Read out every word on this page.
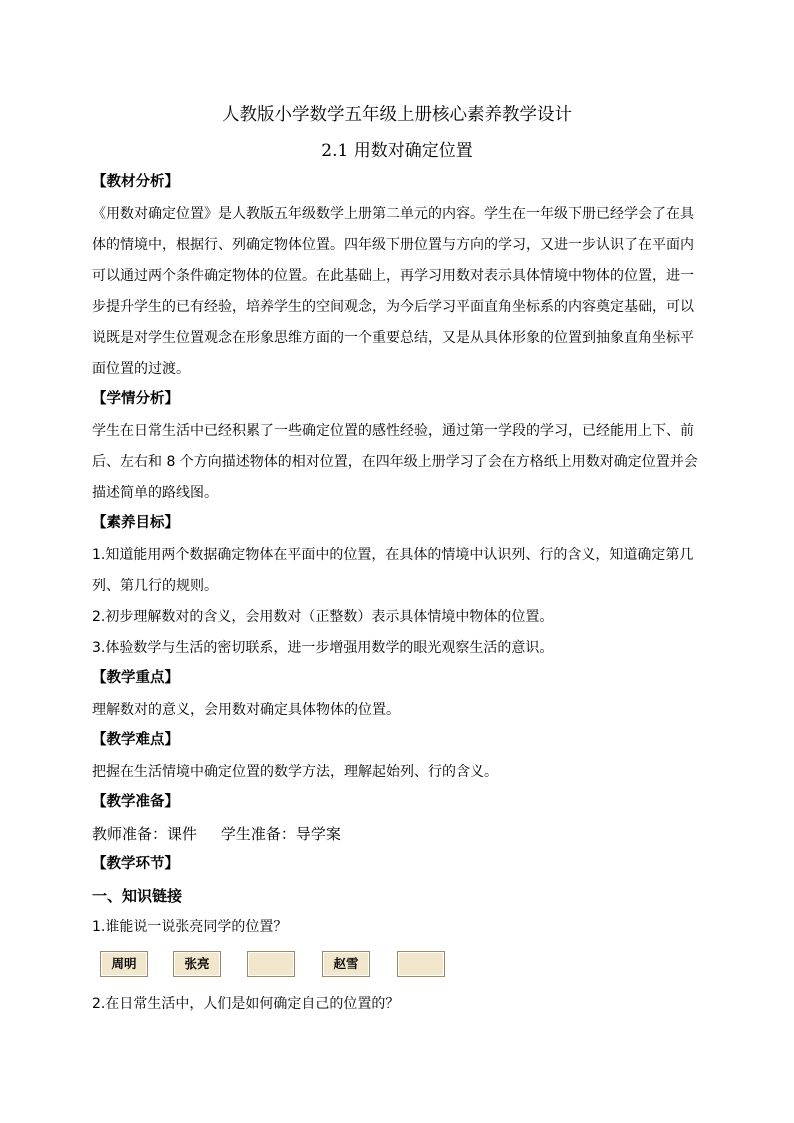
人教版小学数学五年级上册核心素养教学设计
2.1 用数对确定位置
【教材分析】
《用数对确定位置》是人教版五年级数学上册第二单元的内容。学生在一年级下册已经学会了在具
体的情境中，根据行、列确定物体位置。四年级下册位置与方向的学习，又进一步认识了在平面内
可以通过两个条件确定物体的位置。在此基础上，再学习用数对表示具体情境中物体的位置，进一
步提升学生的已有经验，培养学生的空间观念，为今后学习平面直角坐标系的内容奠定基础，可以
说既是对学生位置观念在形象思维方面的一个重要总结，又是从具体形象的位置到抽象直角坐标平
面位置的过渡。
【学情分析】
学生在日常生活中已经积累了一些确定位置的感性经验，通过第一学段的学习，已经能用上下、前
后、左右和 8 个方向描述物体的相对位置，在四年级上册学习了会在方格纸上用数对确定位置并会
描述简单的路线图。
【素养目标】
1.知道能用两个数据确定物体在平面中的位置，在具体的情境中认识列、行的含义，知道确定第几
列、第几行的规则。
2.初步理解数对的含义，会用数对（正整数）表示具体情境中物体的位置。
3.体验数学与生活的密切联系，进一步增强用数学的眼光观察生活的意识。
【教学重点】
理解数对的意义，会用数对确定具体物体的位置。
【教学难点】
把握在生活情境中确定位置的数学方法，理解起始列、行的含义。
【教学准备】
教师准备：课件     学生准备：导学案
【教学环节】
一、知识链接
1.谁能说一说张亮同学的位置？
周明	张亮	赵雪
2.在日常生活中，人们是如何确定自己的位置的？
